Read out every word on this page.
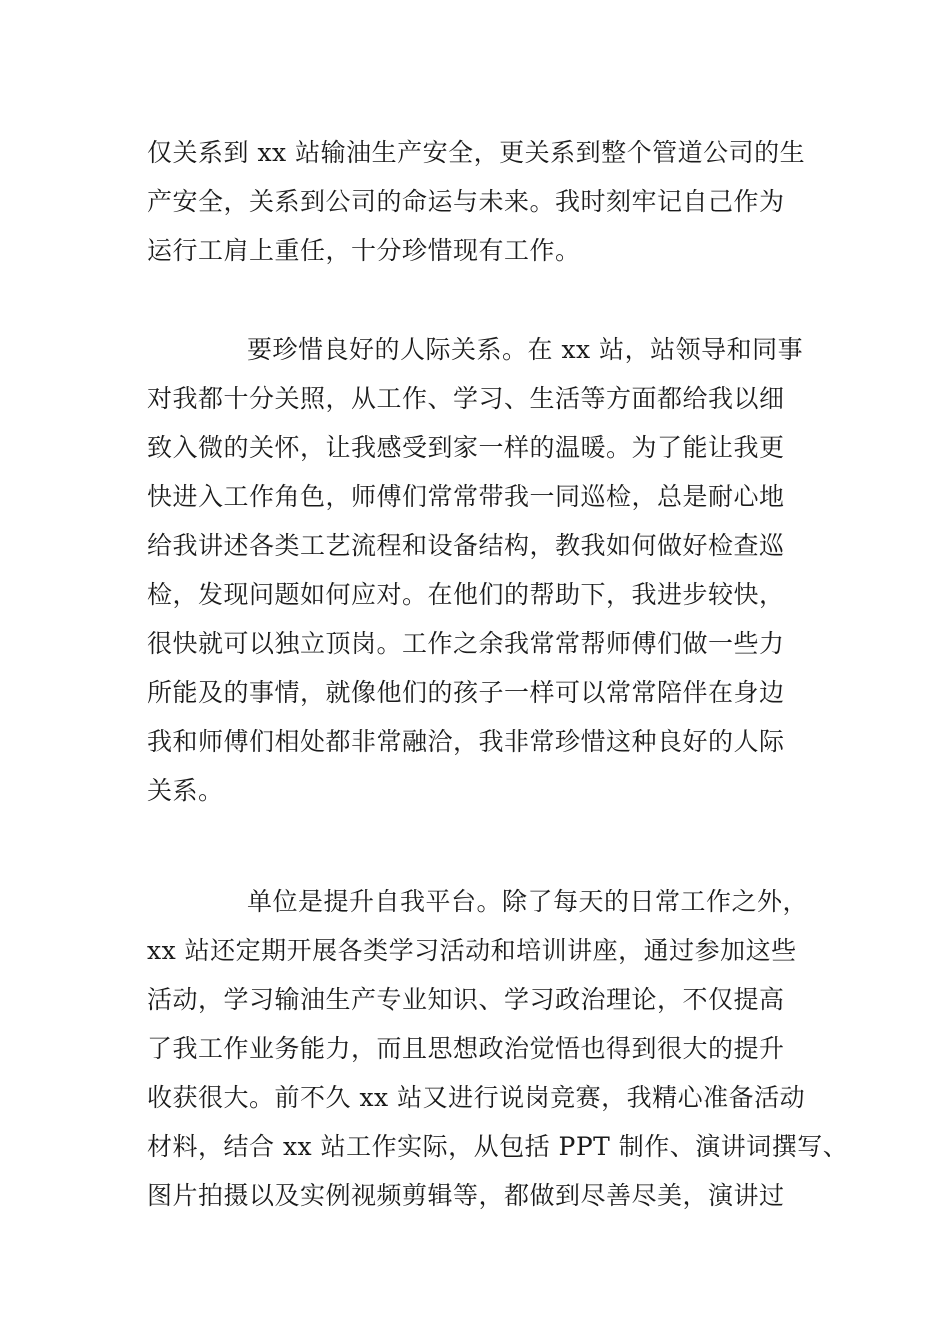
仅关系到 xx 站输油生产安全，更关系到整个管道公司的生
产安全，关系到公司的命运与未来。我时刻牢记自己作为
运行工肩上重任，十分珍惜现有工作。
要珍惜良好的人际关系。在 xx 站，站领导和同事
对我都十分关照，从工作、学习、生活等方面都给我以细
致入微的关怀，让我感受到家一样的温暖。为了能让我更
快进入工作角色，师傅们常常带我一同巡检，总是耐心地
给我讲述各类工艺流程和设备结构，教我如何做好检查巡
检，发现问题如何应对。在他们的帮助下，我进步较快，
很快就可以独立顶岗。工作之余我常常帮师傅们做一些力
所能及的事情，就像他们的孩子一样可以常常陪伴在身边
我和师傅们相处都非常融洽，我非常珍惜这种良好的人际
关系。
单位是提升自我平台。除了每天的日常工作之外，
xx 站还定期开展各类学习活动和培训讲座，通过参加这些
活动，学习输油生产专业知识、学习政治理论，不仅提高
了我工作业务能力，而且思想政治觉悟也得到很大的提升
收获很大。前不久 xx 站又进行说岗竞赛，我精心准备活动
材料，结合 xx 站工作实际，从包括 PPT 制作、演讲词撰写、
图片拍摄以及实例视频剪辑等，都做到尽善尽美，演讲过
